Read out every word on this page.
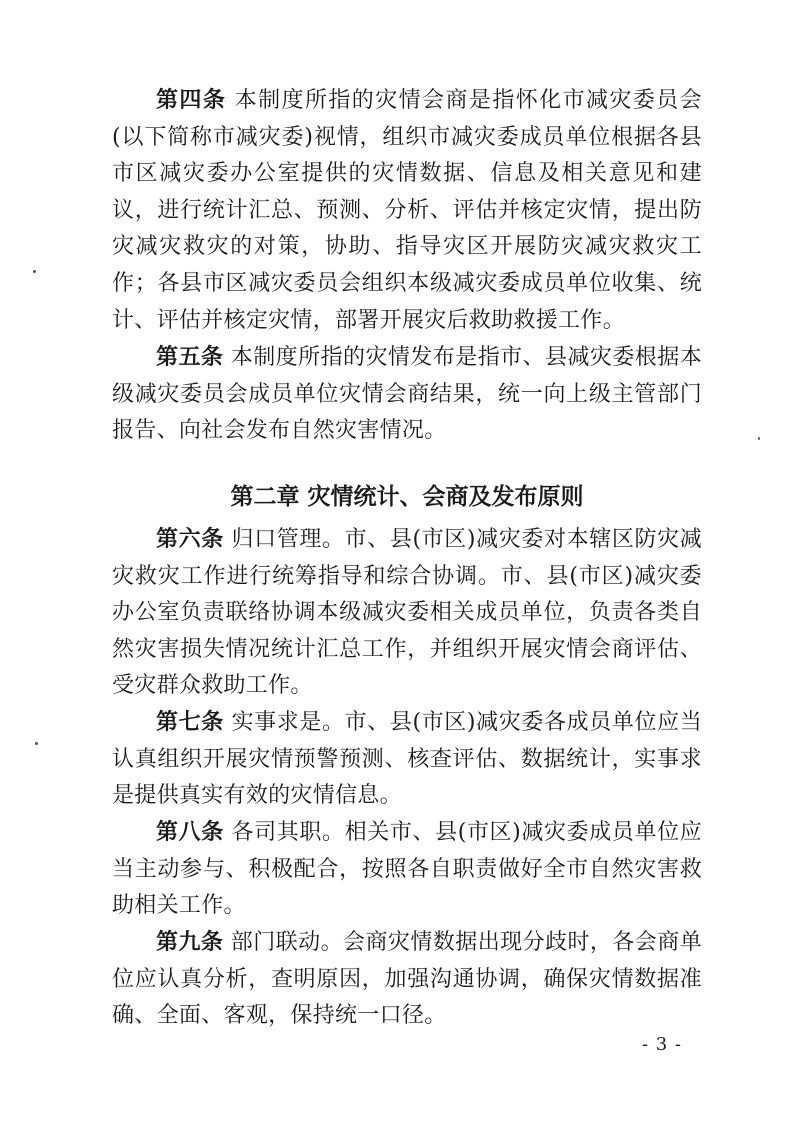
第四条 本制度所指的灾情会商是指怀化市减灾委员会(以下简称市减灾委)视情，组织市减灾委成员单位根据各县市区减灾委办公室提供的灾情数据、信息及相关意见和建议，进行统计汇总、预测、分析、评估并核定灾情，提出防灾减灾救灾的对策，协助、指导灾区开展防灾减灾救灾工作；各县市区减灾委员会组织本级减灾委成员单位收集、统计、评估并核定灾情，部署开展灾后救助救援工作。

第五条 本制度所指的灾情发布是指市、县减灾委根据本级减灾委员会成员单位灾情会商结果，统一向上级主管部门报告、向社会发布自然灾害情况。

第二章 灾情统计、会商及发布原则

第六条 归口管理。市、县(市区)减灾委对本辖区防灾减灾救灾工作进行统筹指导和综合协调。市、县(市区)减灾委办公室负责联络协调本级减灾委相关成员单位，负责各类自然灾害损失情况统计汇总工作，并组织开展灾情会商评估、受灾群众救助工作。

第七条 实事求是。市、县(市区)减灾委各成员单位应当认真组织开展灾情预警预测、核查评估、数据统计，实事求是提供真实有效的灾情信息。

第八条 各司其职。相关市、县(市区)减灾委成员单位应当主动参与、积极配合，按照各自职责做好全市自然灾害救助相关工作。

第九条 部门联动。会商灾情数据出现分歧时，各会商单位应认真分析，查明原因，加强沟通协调，确保灾情数据准确、全面、客观，保持统一口径。

- 3 -
